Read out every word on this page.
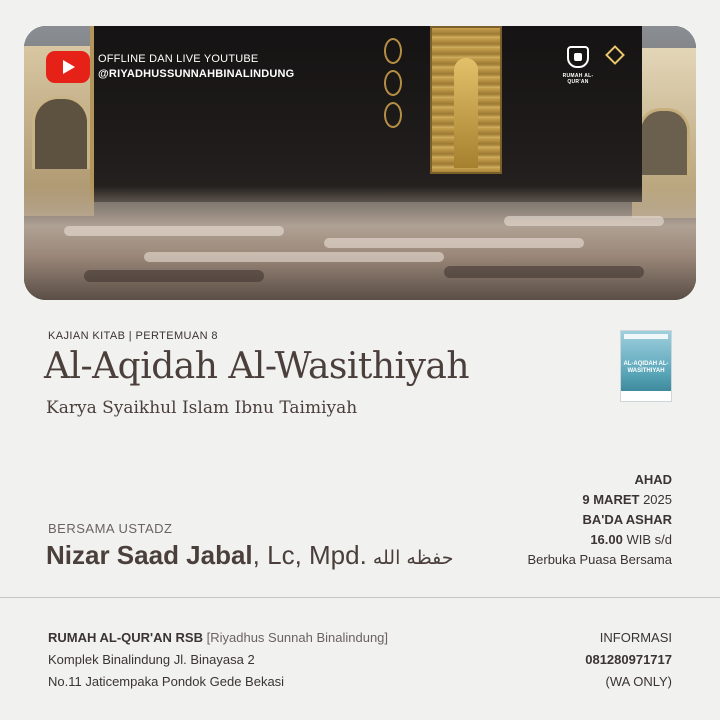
OFFLINE DAN LIVE YOUTUBE
@RIYADHUSSUNNAHBINALINDUNG	RUMAH AL-QUR'AN
KAJIAN KITAB | PERTEMUAN 8
Al-Aqidah Al-Wasithiyah
Karya Syaikhul Islam Ibnu Taimiyah
AL-AQIDAH AL-WASITHIYAH
BERSAMA USTADZ
Nizar Saad Jabal, Lc, Mpd. حفظه الله
AHAD
9 MARET 2025
BA'DA ASHAR
16.00 WIB s/d
Berbuka Puasa Bersama
RUMAH AL-QUR'AN RSB [Riyadhus Sunnah Binalindung]
Komplek Binalindung Jl. Binayasa 2
No.11 Jaticempaka Pondok Gede Bekasi
INFORMASI
081280971717
(WA ONLY)
